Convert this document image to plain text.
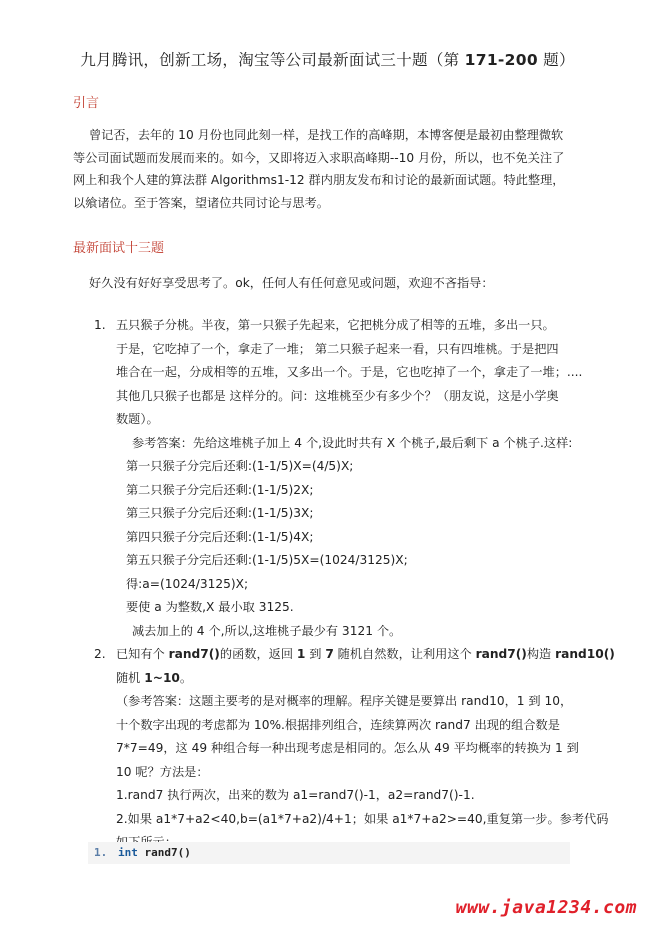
九月腾讯，创新工场，淘宝等公司最新面试三十题（第 171-200 题）
引言
曾记否，去年的 10 月份也同此刻一样，是找工作的高峰期，本博客便是最初由整理微软
等公司面试题而发展而来的。如今，又即将迈入求职高峰期--10 月份，所以，也不免关注了
网上和我个人建的算法群 Algorithms1-12 群内朋友发布和讨论的最新面试题。特此整理，
以飨诸位。至于答案，望诸位共同讨论与思考。
最新面试十三题
好久没有好好享受思考了。ok，任何人有任何意见或问题，欢迎不吝指导：
1. 五只猴子分桃。半夜，第一只猴子先起来，它把桃分成了相等的五堆，多出一只。
于是，它吃掉了一个，拿走了一堆； 第二只猴子起来一看，只有四堆桃。于是把四
堆合在一起，分成相等的五堆，又多出一个。于是，它也吃掉了一个，拿走了一堆；....
其他几只猴子也都是 这样分的。问：这堆桃至少有多少个？（朋友说，这是小学奥
数题）。
参考答案：先给这堆桃子加上 4 个,设此时共有 X 个桃子,最后剩下 a 个桃子.这样:
第一只猴子分完后还剩:(1-1/5)X=(4/5)X;
第二只猴子分完后还剩:(1-1/5)2X;
第三只猴子分完后还剩:(1-1/5)3X;
第四只猴子分完后还剩:(1-1/5)4X;
第五只猴子分完后还剩:(1-1/5)5X=(1024/3125)X;
得:a=(1024/3125)X;
要使 a 为整数,X 最小取 3125.
减去加上的 4 个,所以,这堆桃子最少有 3121 个。
2. 已知有个 rand7()的函数，返回 1 到 7 随机自然数，让利用这个 rand7()构造 rand10()
随机 1~10。
（参考答案：这题主要考的是对概率的理解。程序关键是要算出 rand10，1 到 10，
十个数字出现的考虑都为 10%.根据排列组合，连续算两次 rand7 出现的组合数是
7*7=49，这 49 种组合每一种出现考虑是相同的。怎么从 49 平均概率的转换为 1 到
10 呢？方法是：
1.rand7 执行两次，出来的数为 a1=rand7()-1，a2=rand7()-1.
2.如果 a1*7+a2<40,b=(a1*7+a2)/4+1；如果 a1*7+a2>=40,重复第一步。参考代码
1. int rand7()
www.java1234.com
